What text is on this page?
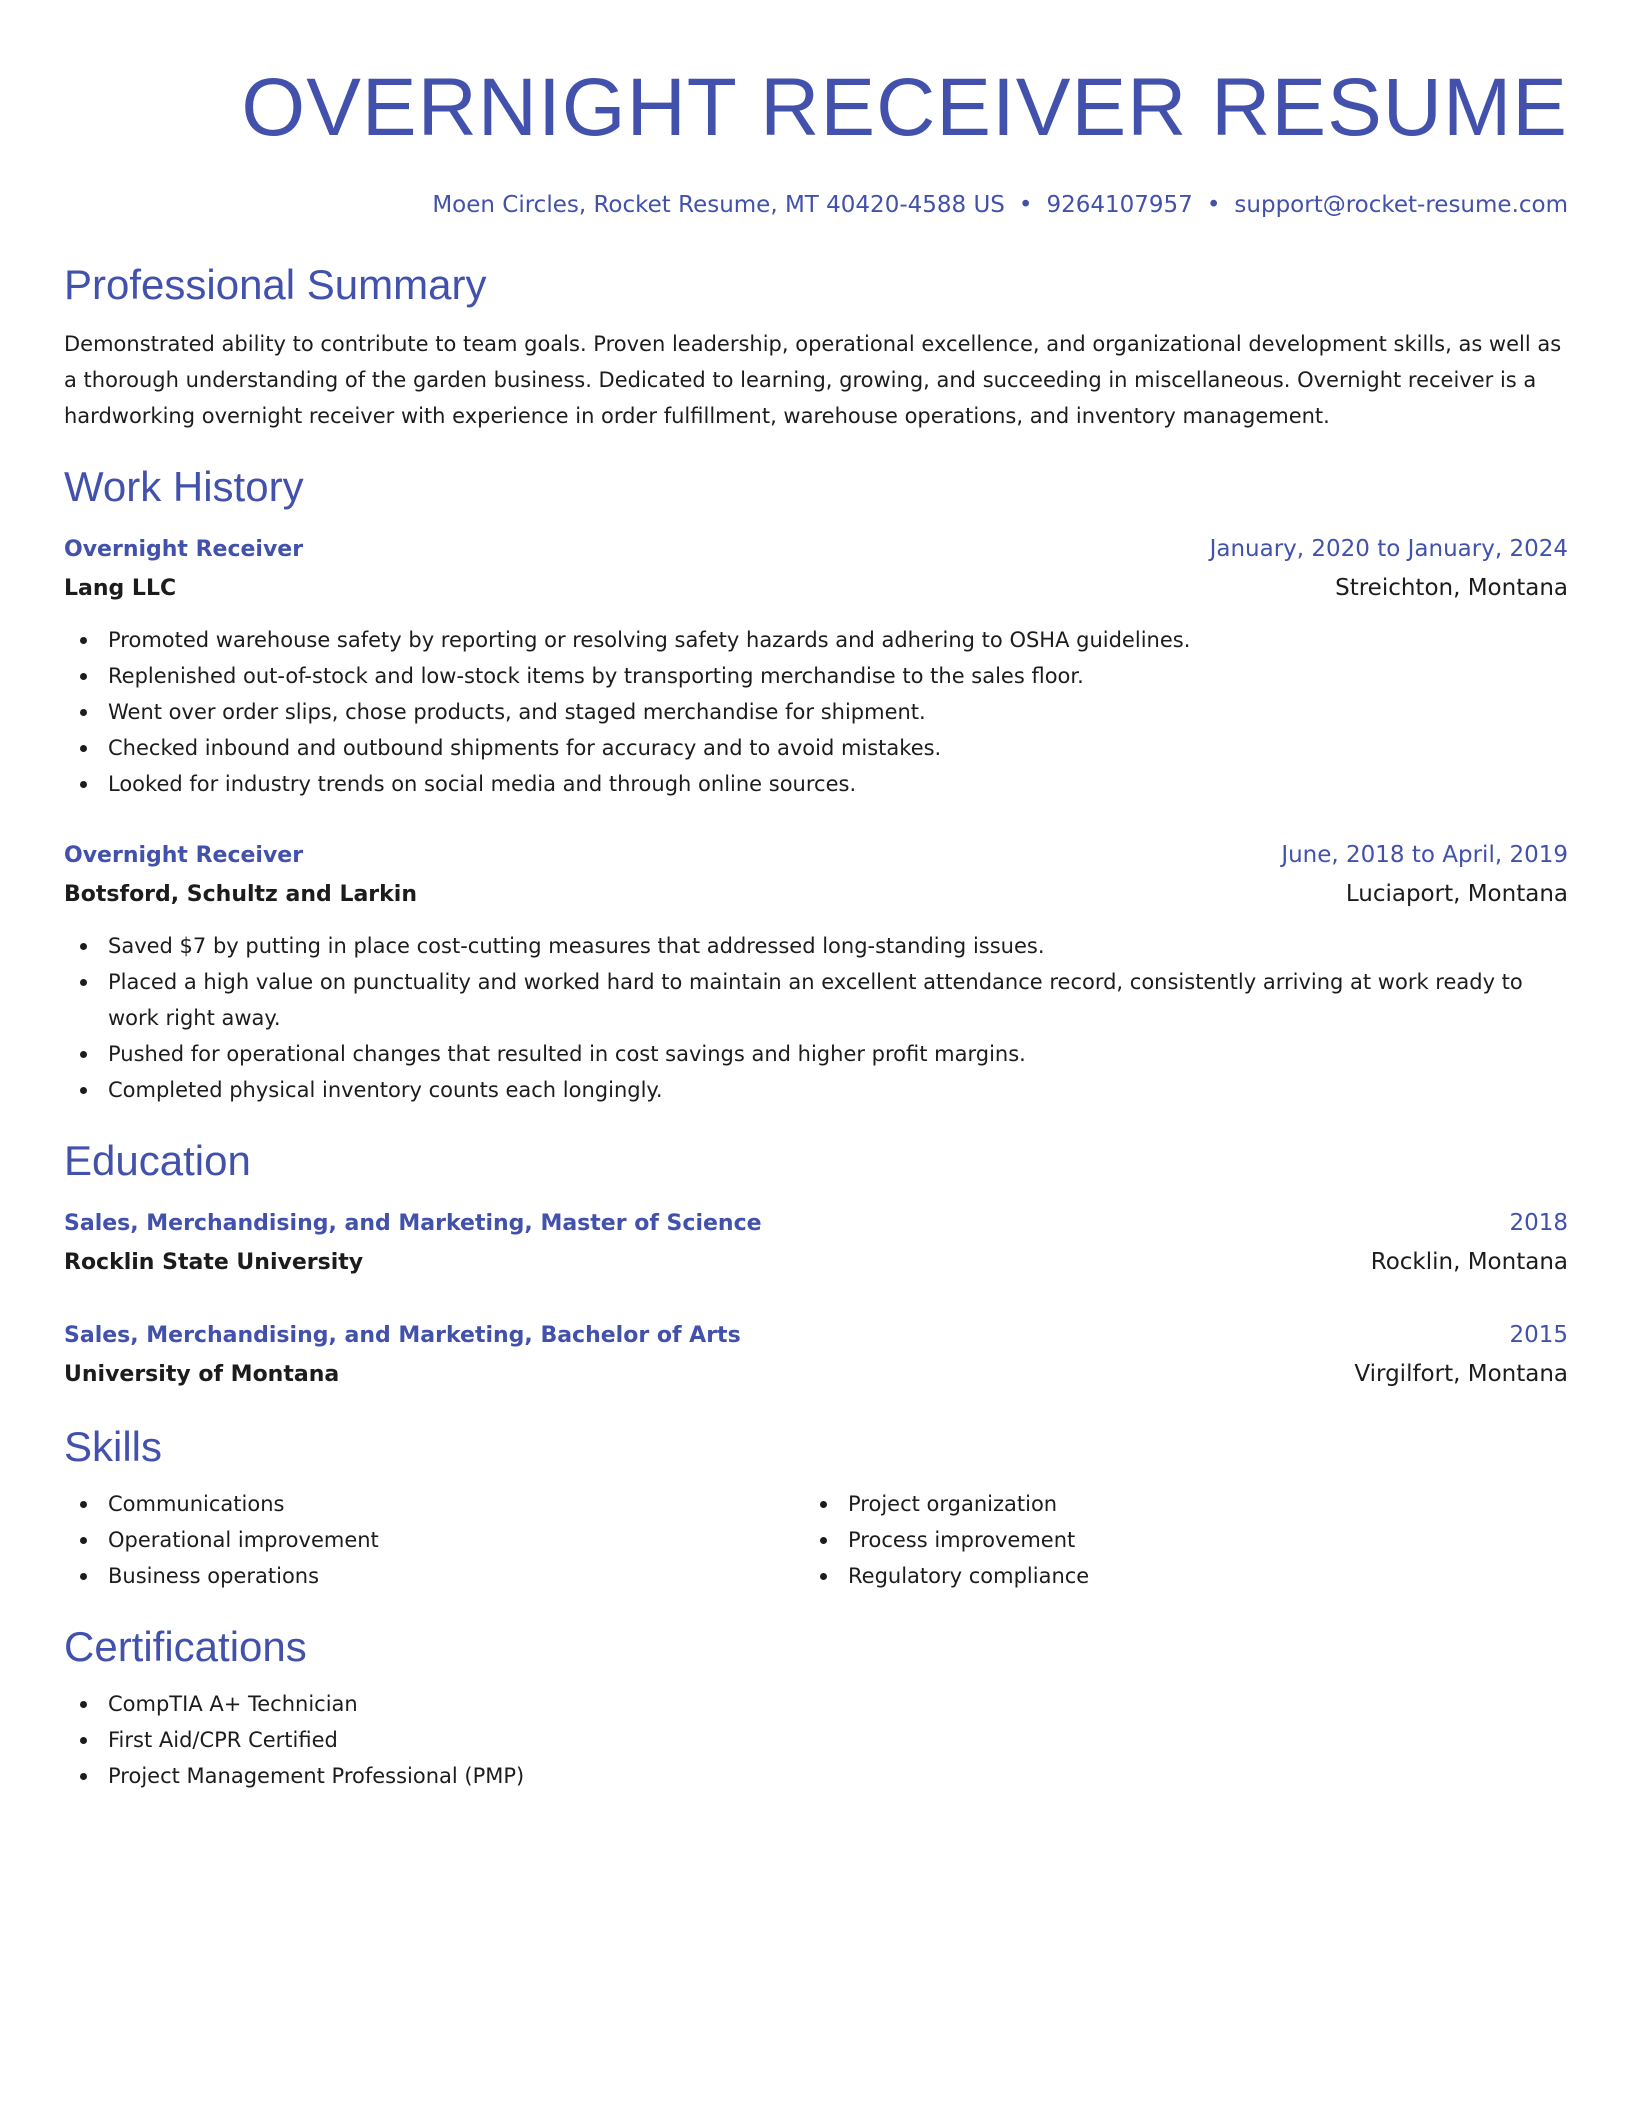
OVERNIGHT RECEIVER RESUME
Moen Circles, Rocket Resume, MT 40420-4588 US • 9264107957 • support@rocket-resume.com
Professional Summary

Demonstrated ability to contribute to team goals. Proven leadership, operational excellence, and organizational development skills, as well as a thorough understanding of the garden business. Dedicated to learning, growing, and succeeding in miscellaneous. Overnight receiver is a hardworking overnight receiver with experience in order fulfillment, warehouse operations, and inventory management.

Work History
Overnight Receiver	January, 2020 to January, 2024
Lang LLC	Streichton, Montana
Promoted warehouse safety by reporting or resolving safety hazards and adhering to OSHA guidelines.
Replenished out-of-stock and low-stock items by transporting merchandise to the sales floor.
Went over order slips, chose products, and staged merchandise for shipment.
Checked inbound and outbound shipments for accuracy and to avoid mistakes.
Looked for industry trends on social media and through online sources.
Overnight Receiver	June, 2018 to April, 2019
Botsford, Schultz and Larkin	Luciaport, Montana
Saved $7 by putting in place cost-cutting measures that addressed long-standing issues.
Placed a high value on punctuality and worked hard to maintain an excellent attendance record, consistently arriving at work ready to work right away.
Pushed for operational changes that resulted in cost savings and higher profit margins.
Completed physical inventory counts each longingly.
Education
Sales, Merchandising, and Marketing, Master of Science	2018
Rocklin State University	Rocklin, Montana
Sales, Merchandising, and Marketing, Bachelor of Arts	2015
University of Montana	Virgilfort, Montana
Skills
Communications
Operational improvement
Business operations
Project organization
Process improvement
Regulatory compliance
Certifications
CompTIA A+ Technician
First Aid/CPR Certified
Project Management Professional (PMP)
